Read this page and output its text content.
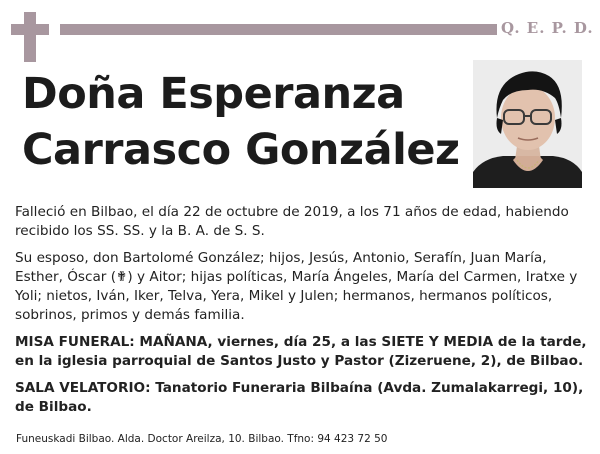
Q. E. P. D.
Doña Esperanza
Carrasco González

Falleció en Bilbao, el día 22 de octubre de 2019, a los 71 años de edad, habiendo recibido los SS. SS. y la B. A. de S. S.

Su esposo, don Bartolomé González; hijos, Jesús, Antonio, Serafín, Juan María, Esther, Óscar (✟) y Aitor; hijas políticas, María Ángeles, María del Carmen, Iratxe y Yoli; nietos, Iván, Iker, Telva, Yera, Mikel y Julen; hermanos, hermanos políticos, sobrinos, primos y demás familia.

MISA FUNERAL: MAÑANA, viernes, día 25, a las SIETE Y MEDIA de la tarde, en la iglesia parroquial de Santos Justo y Pastor (Zizeruene, 2), de Bilbao.

SALA VELATORIO: Tanatorio Funeraria Bilbaína (Avda. Zumalakarregi, 10), de Bilbao.

Funeuskadi Bilbao. Alda. Doctor Areilza, 10. Bilbao. Tfno: 94 423 72 50
